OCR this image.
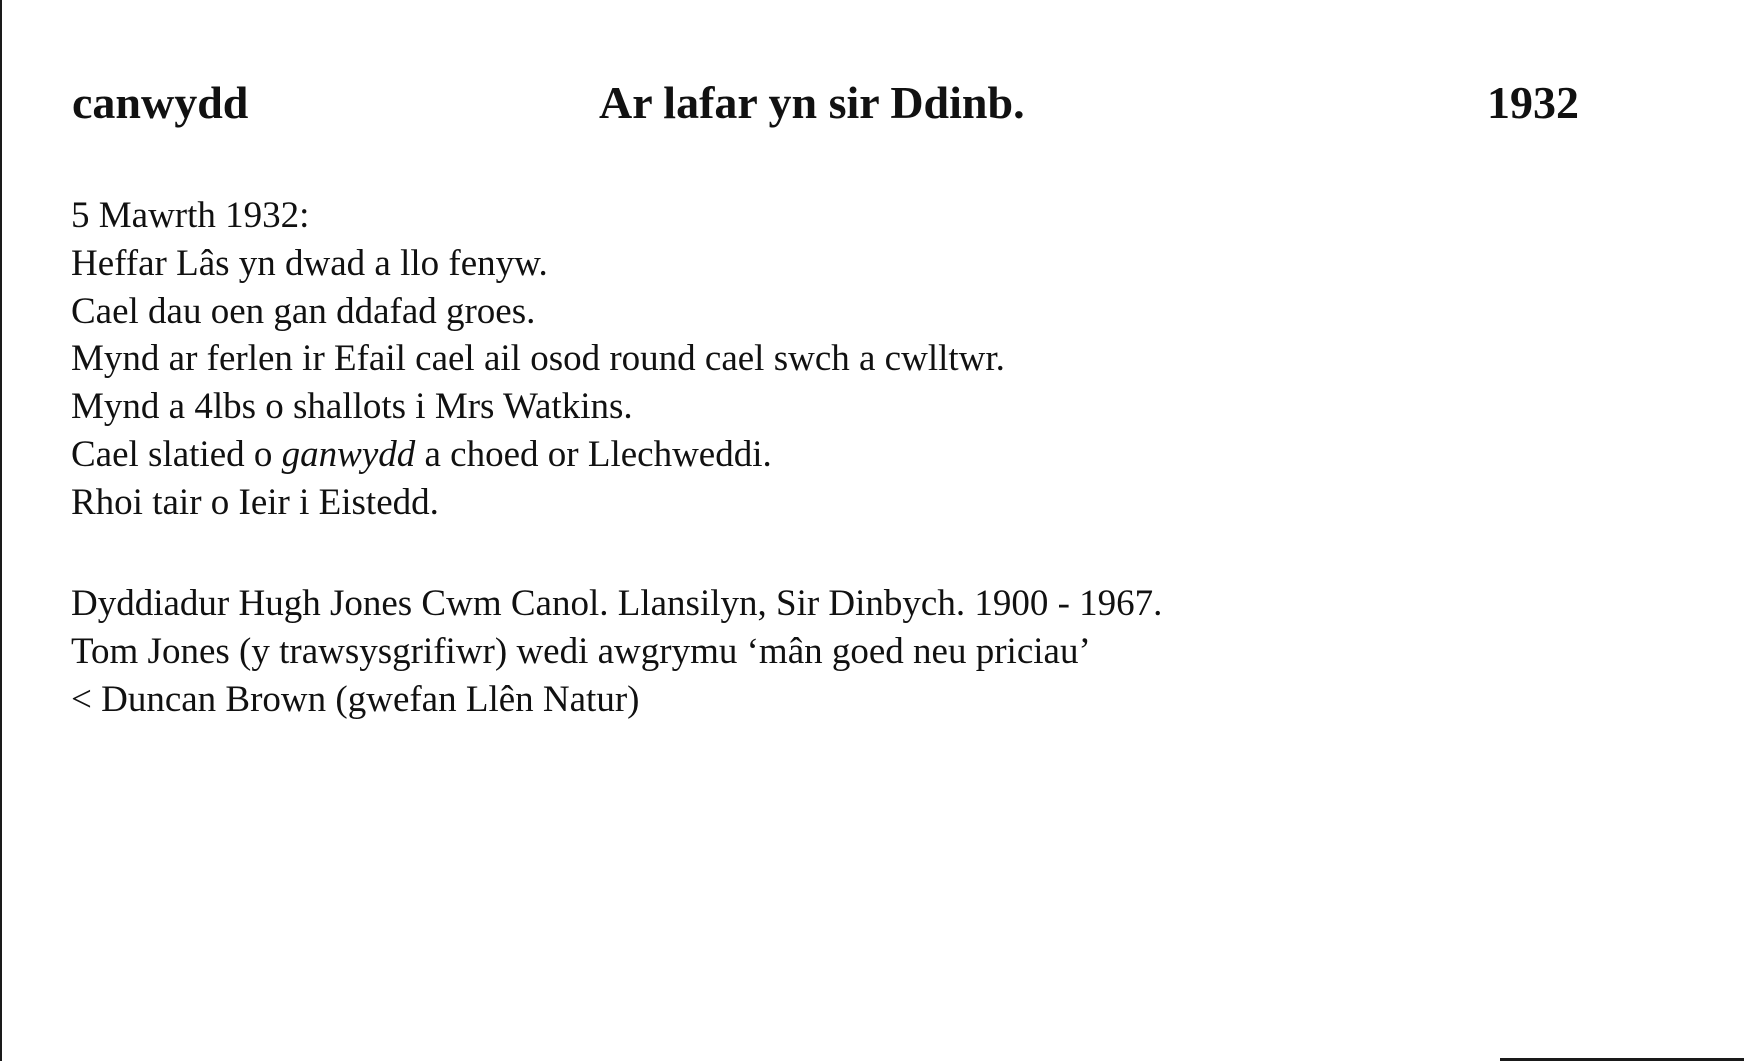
canwydd	Ar lafar yn sir Ddinb.	1932
5 Mawrth 1932:
Heffar Lâs yn dwad a llo fenyw.
Cael dau oen gan ddafad groes.
Mynd ar ferlen ir Efail cael ail osod round cael swch a cwlltwr.
Mynd a 4lbs o shallots i Mrs Watkins.
Cael slatied o ganwydd a choed or Llechweddi.
Rhoi tair o Ieir i Eistedd.
Dyddiadur Hugh Jones Cwm Canol. Llansilyn, Sir Dinbych. 1900 - 1967.
Tom Jones (y trawsysgrifiwr) wedi awgrymu ‘mân goed neu priciau’
< Duncan Brown (gwefan Llên Natur)
